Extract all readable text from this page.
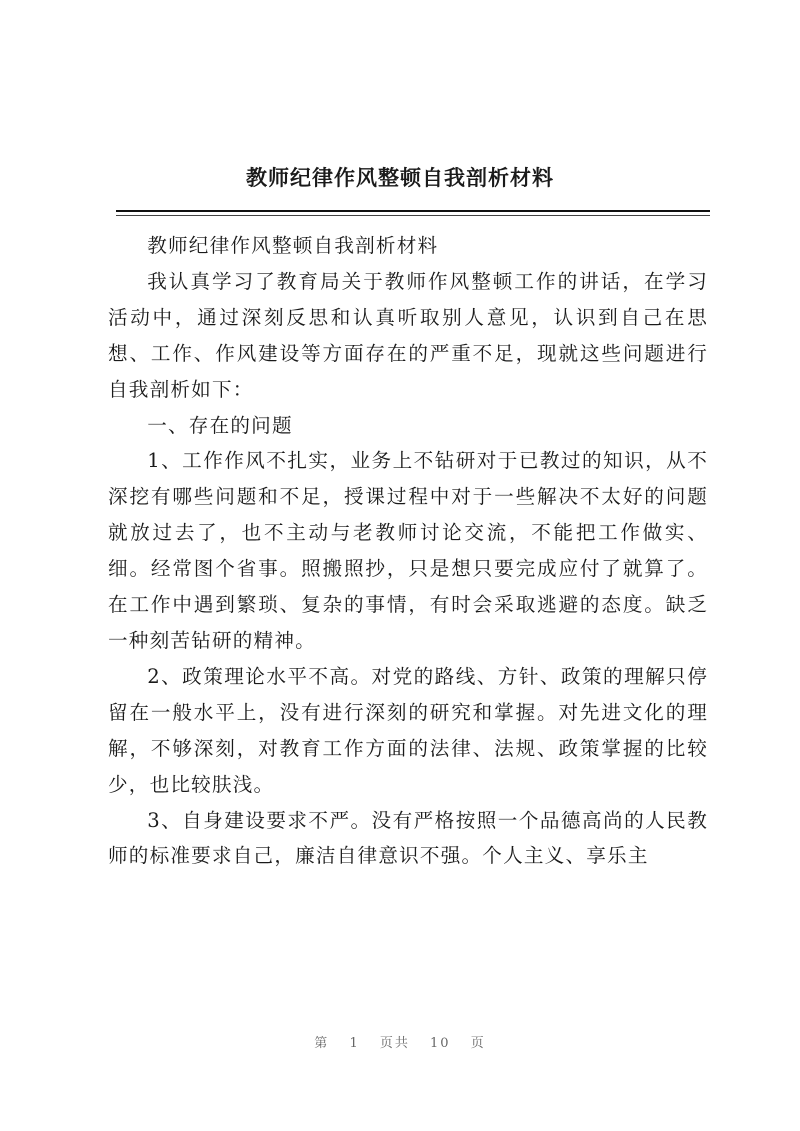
教师纪律作风整顿自我剖析材料

教师纪律作风整顿自我剖析材料

我认真学习了教育局关于教师作风整顿工作的讲话，在学习活动中，通过深刻反思和认真听取别人意见，认识到自己在思想、工作、作风建设等方面存在的严重不足，现就这些问题进行自我剖析如下：

一、存在的问题

1、工作作风不扎实，业务上不钻研对于已教过的知识，从不深挖有哪些问题和不足，授课过程中对于一些解决不太好的问题就放过去了，也不主动与老教师讨论交流，不能把工作做实、细。经常图个省事。照搬照抄，只是想只要完成应付了就算了。在工作中遇到繁琐、复杂的事情，有时会采取逃避的态度。缺乏一种刻苦钻研的精神。

2、政策理论水平不高。对党的路线、方针、政策的理解只停留在一般水平上，没有进行深刻的研究和掌握。对先进文化的理解，不够深刻，对教育工作方面的法律、法规、政策掌握的比较少，也比较肤浅。

3、自身建设要求不严。没有严格按照一个品德高尚的人民教师的标准要求自己，廉洁自律意识不强。个人主义、享乐主

第 1 页共 10 页
